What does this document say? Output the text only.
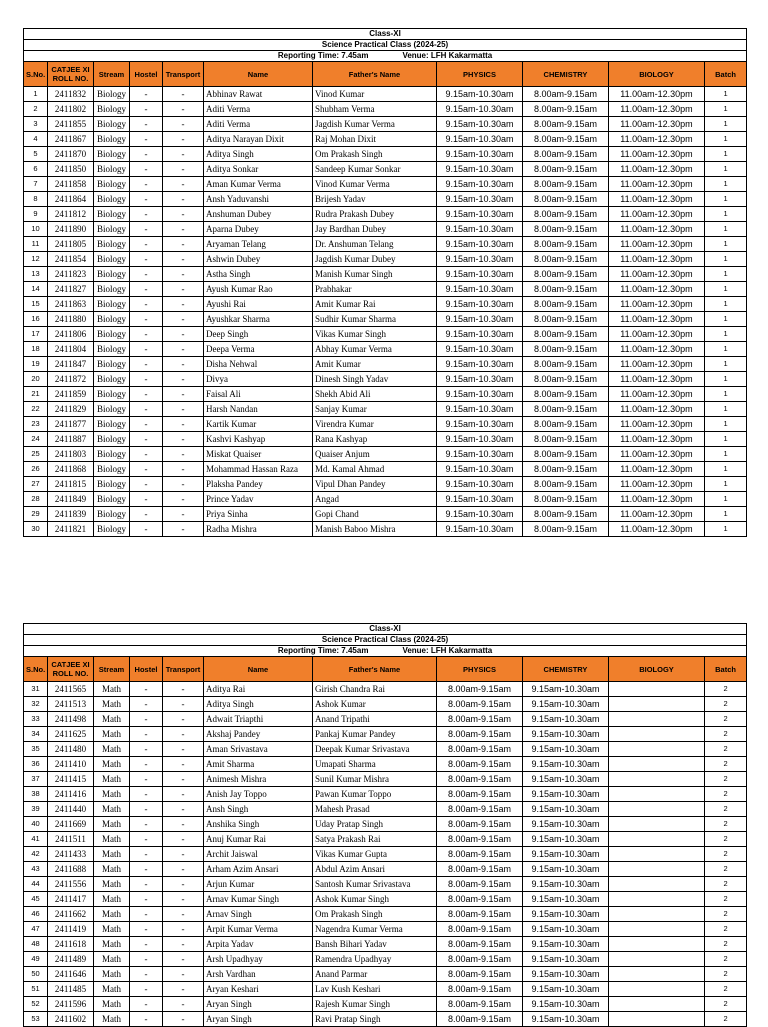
Class-XI										
Science Practical Class (2024-25)										
Reporting Time: 7.45am Venue: LFH Kakarmatta										
S.No.	CATJEE XI ROLL NO.	Stream	Hostel	Transport	Name	Father's Name	PHYSICS	CHEMISTRY	BIOLOGY	Batch
1	2411832	Biology	-	-	Abhinav Rawat	Vinod Kumar	9.15am-10.30am	8.00am-9.15am	11.00am-12.30pm	1
2	2411802	Biology	-	-	Aditi Verma	Shubham Verma	9.15am-10.30am	8.00am-9.15am	11.00am-12.30pm	1
3	2411855	Biology	-	-	Aditi Verma	Jagdish Kumar Verma	9.15am-10.30am	8.00am-9.15am	11.00am-12.30pm	1
4	2411867	Biology	-	-	Aditya Narayan Dixit	Raj Mohan Dixit	9.15am-10.30am	8.00am-9.15am	11.00am-12.30pm	1
5	2411870	Biology	-	-	Aditya Singh	Om Prakash Singh	9.15am-10.30am	8.00am-9.15am	11.00am-12.30pm	1
6	2411850	Biology	-	-	Aditya Sonkar	Sandeep Kumar Sonkar	9.15am-10.30am	8.00am-9.15am	11.00am-12.30pm	1
7	2411858	Biology	-	-	Aman Kumar Verma	Vinod Kumar Verma	9.15am-10.30am	8.00am-9.15am	11.00am-12.30pm	1
8	2411864	Biology	-	-	Ansh Yaduvanshi	Brijesh Yadav	9.15am-10.30am	8.00am-9.15am	11.00am-12.30pm	1
9	2411812	Biology	-	-	Anshuman Dubey	Rudra Prakash Dubey	9.15am-10.30am	8.00am-9.15am	11.00am-12.30pm	1
10	2411890	Biology	-	-	Aparna Dubey	Jay Bardhan Dubey	9.15am-10.30am	8.00am-9.15am	11.00am-12.30pm	1
11	2411805	Biology	-	-	Aryaman Telang	Dr. Anshuman Telang	9.15am-10.30am	8.00am-9.15am	11.00am-12.30pm	1
12	2411854	Biology	-	-	Ashwin Dubey	Jagdish Kumar Dubey	9.15am-10.30am	8.00am-9.15am	11.00am-12.30pm	1
13	2411823	Biology	-	-	Astha Singh	Manish Kumar Singh	9.15am-10.30am	8.00am-9.15am	11.00am-12.30pm	1
14	2411827	Biology	-	-	Ayush Kumar Rao	Prabhakar	9.15am-10.30am	8.00am-9.15am	11.00am-12.30pm	1
15	2411863	Biology	-	-	Ayushi Rai	Amit Kumar Rai	9.15am-10.30am	8.00am-9.15am	11.00am-12.30pm	1
16	2411880	Biology	-	-	Ayushkar Sharma	Sudhir Kumar Sharma	9.15am-10.30am	8.00am-9.15am	11.00am-12.30pm	1
17	2411806	Biology	-	-	Deep Singh	Vikas Kumar Singh	9.15am-10.30am	8.00am-9.15am	11.00am-12.30pm	1
18	2411804	Biology	-	-	Deepa Verma	Abhay Kumar Verma	9.15am-10.30am	8.00am-9.15am	11.00am-12.30pm	1
19	2411847	Biology	-	-	Disha Nehwal	Amit Kumar	9.15am-10.30am	8.00am-9.15am	11.00am-12.30pm	1
20	2411872	Biology	-	-	Divya	Dinesh Singh Yadav	9.15am-10.30am	8.00am-9.15am	11.00am-12.30pm	1
21	2411859	Biology	-	-	Faisal Ali	Shekh Abid Ali	9.15am-10.30am	8.00am-9.15am	11.00am-12.30pm	1
22	2411829	Biology	-	-	Harsh Nandan	Sanjay Kumar	9.15am-10.30am	8.00am-9.15am	11.00am-12.30pm	1
23	2411877	Biology	-	-	Kartik Kumar	Virendra Kumar	9.15am-10.30am	8.00am-9.15am	11.00am-12.30pm	1
24	2411887	Biology	-	-	Kashvi Kashyap	Rana Kashyap	9.15am-10.30am	8.00am-9.15am	11.00am-12.30pm	1
25	2411803	Biology	-	-	Miskat Quaiser	Quaiser Anjum	9.15am-10.30am	8.00am-9.15am	11.00am-12.30pm	1
26	2411868	Biology	-	-	Mohammad Hassan Raza	Md. Kamal Ahmad	9.15am-10.30am	8.00am-9.15am	11.00am-12.30pm	1
27	2411815	Biology	-	-	Plaksha Pandey	Vipul Dhan Pandey	9.15am-10.30am	8.00am-9.15am	11.00am-12.30pm	1
28	2411849	Biology	-	-	Prince Yadav	Angad	9.15am-10.30am	8.00am-9.15am	11.00am-12.30pm	1
29	2411839	Biology	-	-	Priya Sinha	Gopi Chand	9.15am-10.30am	8.00am-9.15am	11.00am-12.30pm	1
30	2411821	Biology	-	-	Radha Mishra	Manish Baboo Mishra	9.15am-10.30am	8.00am-9.15am	11.00am-12.30pm	1
Class-XI										
Science Practical Class (2024-25)										
Reporting Time: 7.45am Venue: LFH Kakarmatta										
S.No.	CATJEE XI ROLL NO.	Stream	Hostel	Transport	Name	Father's Name	PHYSICS	CHEMISTRY	BIOLOGY	Batch
31	2411565	Math	-	-	Aditya Rai	Girish Chandra Rai	8.00am-9.15am	9.15am-10.30am		2
32	2411513	Math	-	-	Aditya Singh	Ashok Kumar	8.00am-9.15am	9.15am-10.30am		2
33	2411498	Math	-	-	Adwait Triapthi	Anand Tripathi	8.00am-9.15am	9.15am-10.30am		2
34	2411625	Math	-	-	Akshaj Pandey	Pankaj Kumar Pandey	8.00am-9.15am	9.15am-10.30am		2
35	2411480	Math	-	-	Aman Srivastava	Deepak Kumar Srivastava	8.00am-9.15am	9.15am-10.30am		2
36	2411410	Math	-	-	Amit Sharma	Umapati Sharma	8.00am-9.15am	9.15am-10.30am		2
37	2411415	Math	-	-	Animesh Mishra	Sunil Kumar Mishra	8.00am-9.15am	9.15am-10.30am		2
38	2411416	Math	-	-	Anish Jay Toppo	Pawan Kumar Toppo	8.00am-9.15am	9.15am-10.30am		2
39	2411440	Math	-	-	Ansh Singh	Mahesh Prasad	8.00am-9.15am	9.15am-10.30am		2
40	2411669	Math	-	-	Anshika Singh	Uday Pratap Singh	8.00am-9.15am	9.15am-10.30am		2
41	2411511	Math	-	-	Anuj Kumar Rai	Satya Prakash Rai	8.00am-9.15am	9.15am-10.30am		2
42	2411433	Math	-	-	Archit Jaiswal	Vikas Kumar Gupta	8.00am-9.15am	9.15am-10.30am		2
43	2411688	Math	-	-	Arham Azim Ansari	Abdul Azim Ansari	8.00am-9.15am	9.15am-10.30am		2
44	2411556	Math	-	-	Arjun Kumar	Santosh Kumar Srivastava	8.00am-9.15am	9.15am-10.30am		2
45	2411417	Math	-	-	Arnav Kumar Singh	Ashok Kumar Singh	8.00am-9.15am	9.15am-10.30am		2
46	2411662	Math	-	-	Arnav Singh	Om Prakash Singh	8.00am-9.15am	9.15am-10.30am		2
47	2411419	Math	-	-	Arpit Kumar Verma	Nagendra Kumar Verma	8.00am-9.15am	9.15am-10.30am		2
48	2411618	Math	-	-	Arpita Yadav	Bansh Bihari Yadav	8.00am-9.15am	9.15am-10.30am		2
49	2411489	Math	-	-	Arsh Upadhyay	Ramendra Upadhyay	8.00am-9.15am	9.15am-10.30am		2
50	2411646	Math	-	-	Arsh Vardhan	Anand Parmar	8.00am-9.15am	9.15am-10.30am		2
51	2411485	Math	-	-	Aryan Keshari	Lav Kush Keshari	8.00am-9.15am	9.15am-10.30am		2
52	2411596	Math	-	-	Aryan Singh	Rajesh Kumar Singh	8.00am-9.15am	9.15am-10.30am		2
53	2411602	Math	-	-	Aryan Singh	Ravi Pratap Singh	8.00am-9.15am	9.15am-10.30am		2
